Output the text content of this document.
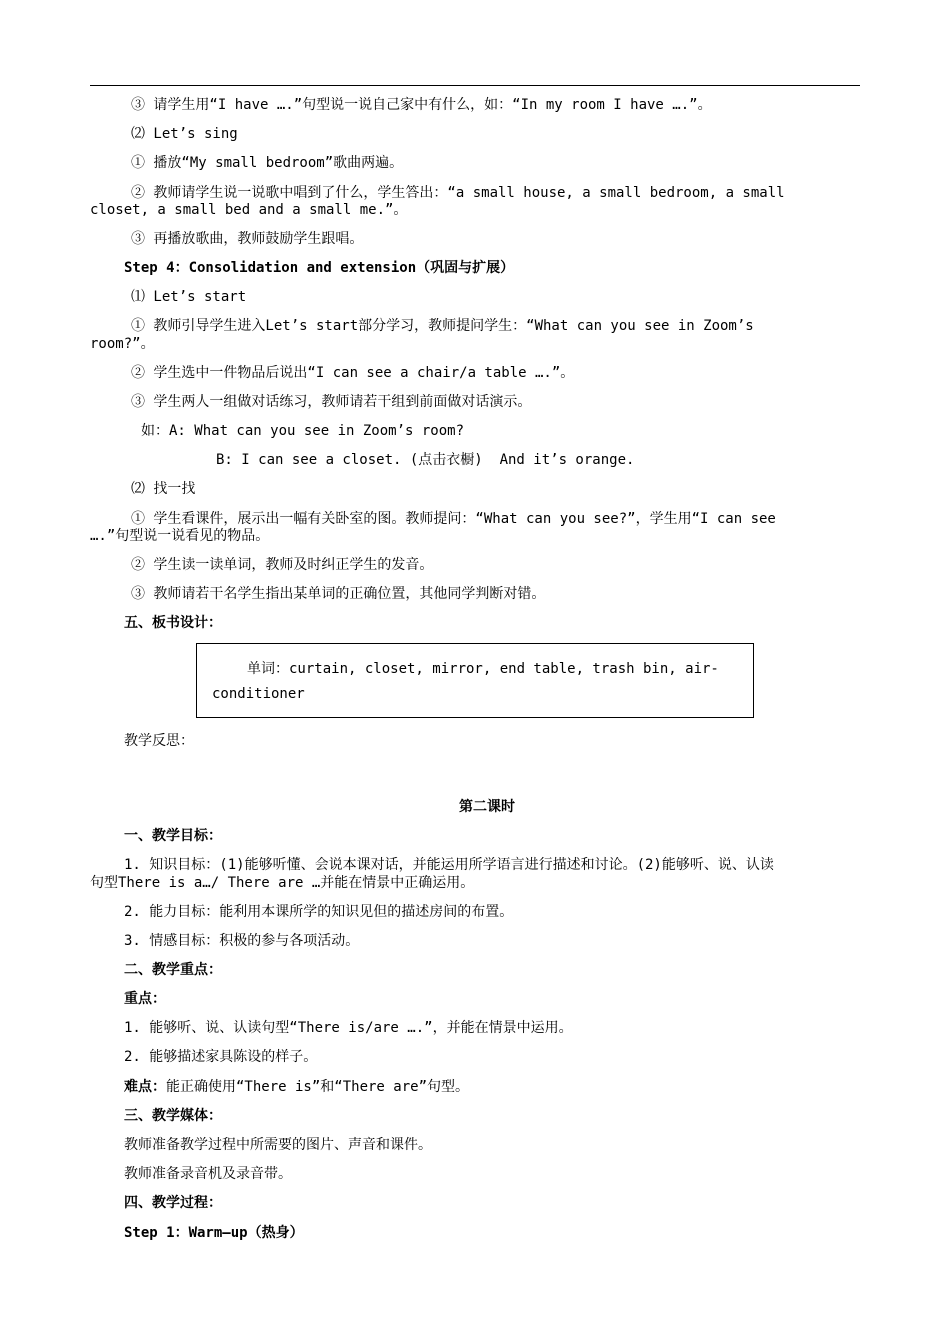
③ 请学生用“I have ….”句型说一说自己家中有什么，如：“In my room I have ….”。
⑵ Let’s sing
① 播放“My small bedroom”歌曲两遍。
② 教师请学生说一说歌中唱到了什么，学生答出：“a small house, a small bedroom, a small
closet, a small bed and a small me.”。
③ 再播放歌曲，教师鼓励学生跟唱。
Step 4：Consolidation and extension（巩固与扩展）
⑴ Let’s start
① 教师引导学生进入Let’s start部分学习，教师提问学生：“What can you see in Zoom’s
room?”。
② 学生选中一件物品后说出“I can see a chair/a table ….”。
③ 学生两人一组做对话练习，教师请若干组到前面做对话演示。
如：A: What can you see in Zoom’s room?
B: I can see a closet. (点击衣橱)  And it’s orange.
⑵ 找一找
① 学生看课件，展示出一幅有关卧室的图。教师提问：“What can you see?”，学生用“I can see
….”句型说一说看见的物品。
② 学生读一读单词，教师及时纠正学生的发音。
③ 教师请若干名学生指出某单词的正确位置，其他同学判断对错。
五、板书设计：
单词：curtain, closet, mirror, end table, trash bin, air-
conditioner
教学反思：
第二课时
一、教学目标：
1. 知识目标：(1)能够听懂、会说本课对话，并能运用所学语言进行描述和讨论。(2)能够听、说、认读
句型There is a…/ There are …并能在情景中正确运用。
2. 能力目标：能利用本课所学的知识见但的描述房间的布置。
3. 情感目标：积极的参与各项活动。
二、教学重点：
重点：
1. 能够听、说、认读句型“There is/are ….”，并能在情景中运用。
2. 能够描述家具陈设的样子。
难点：能正确使用“There is”和“There are”句型。
三、教学媒体：
教师准备教学过程中所需要的图片、声音和课件。
教师准备录音机及录音带。
四、教学过程：
Step 1：Warm—up（热身）
